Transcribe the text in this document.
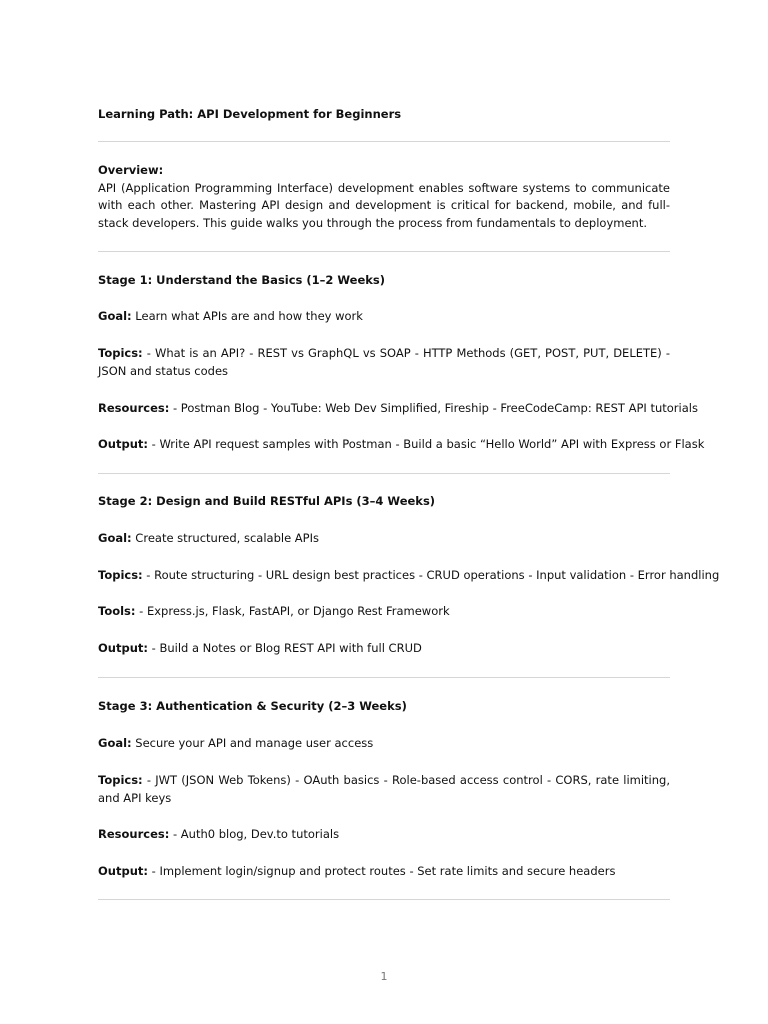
Learning Path: API Development for Beginners
Overview:
API (Application Programming Interface) development enables software systems to communicate with each other. Mastering API design and development is critical for backend, mobile, and full-stack developers. This guide walks you through the process from fundamentals to deployment.
Stage 1: Understand the Basics (1–2 Weeks)
Goal: Learn what APIs are and how they work
Topics: - What is an API? - REST vs GraphQL vs SOAP - HTTP Methods (GET, POST, PUT, DELETE) - JSON and status codes
Resources: - Postman Blog - YouTube: Web Dev Simplified, Fireship - FreeCodeCamp: REST API tutorials
Output: - Write API request samples with Postman - Build a basic “Hello World” API with Express or Flask
Stage 2: Design and Build RESTful APIs (3–4 Weeks)
Goal: Create structured, scalable APIs
Topics: - Route structuring - URL design best practices - CRUD operations - Input validation - Error handling
Tools: - Express.js, Flask, FastAPI, or Django Rest Framework
Output: - Build a Notes or Blog REST API with full CRUD
Stage 3: Authentication & Security (2–3 Weeks)
Goal: Secure your API and manage user access
Topics: - JWT (JSON Web Tokens) - OAuth basics - Role-based access control - CORS, rate limiting, and API keys
Resources: - Auth0 blog, Dev.to tutorials
Output: - Implement login/signup and protect routes - Set rate limits and secure headers
1
